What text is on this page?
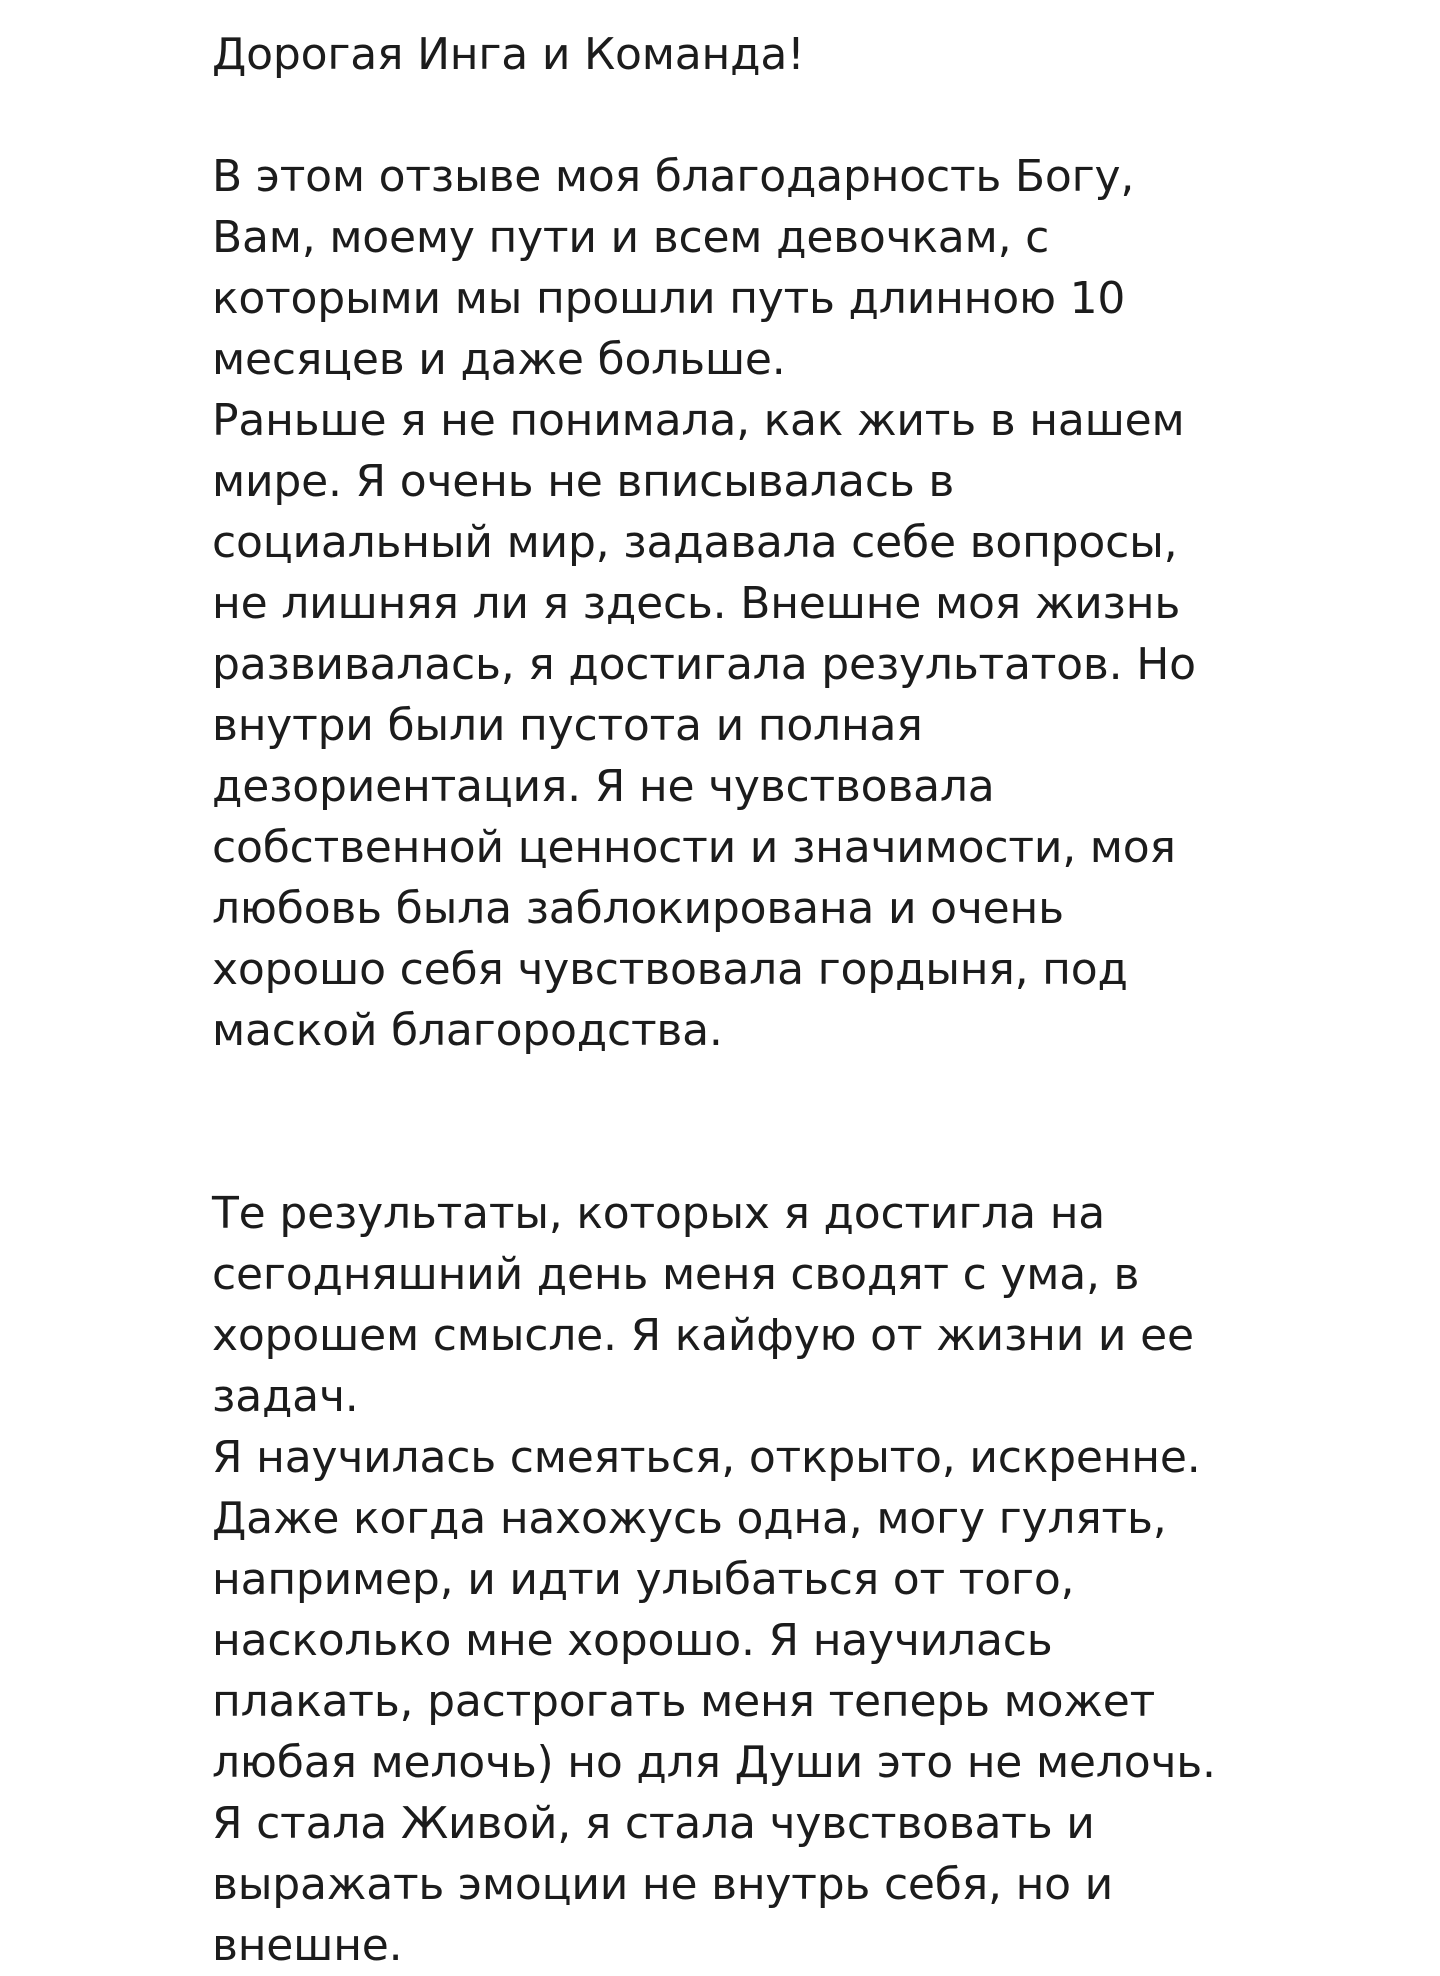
Дорогая Инга и Команда!
В этом отзыве моя благодарность Богу,
Вам, моему пути и всем девочкам, с
которыми мы прошли путь длинною 10
месяцев и даже больше.
Раньше я не понимала, как жить в нашем
мире. Я очень не вписывалась в
социальный мир, задавала себе вопросы,
не лишняя ли я здесь. Внешне моя жизнь
развивалась, я достигала результатов. Но
внутри были пустота и полная
дезориентация. Я не чувствовала
собственной ценности и значимости, моя
любовь была заблокирована и очень
хорошо себя чувствовала гордыня, под
маской благородства.
Те результаты, которых я достигла на
сегодняшний день меня сводят с ума, в
хорошем смысле. Я кайфую от жизни и ее
задач.
Я научилась смеяться, открыто, искренне.
Даже когда нахожусь одна, могу гулять,
например, и идти улыбаться от того,
насколько мне хорошо. Я научилась
плакать, растрогать меня теперь может
любая мелочь) но для Души это не мелочь.
Я стала Живой, я стала чувствовать и
выражать эмоции не внутрь себя, но и
внешне.
